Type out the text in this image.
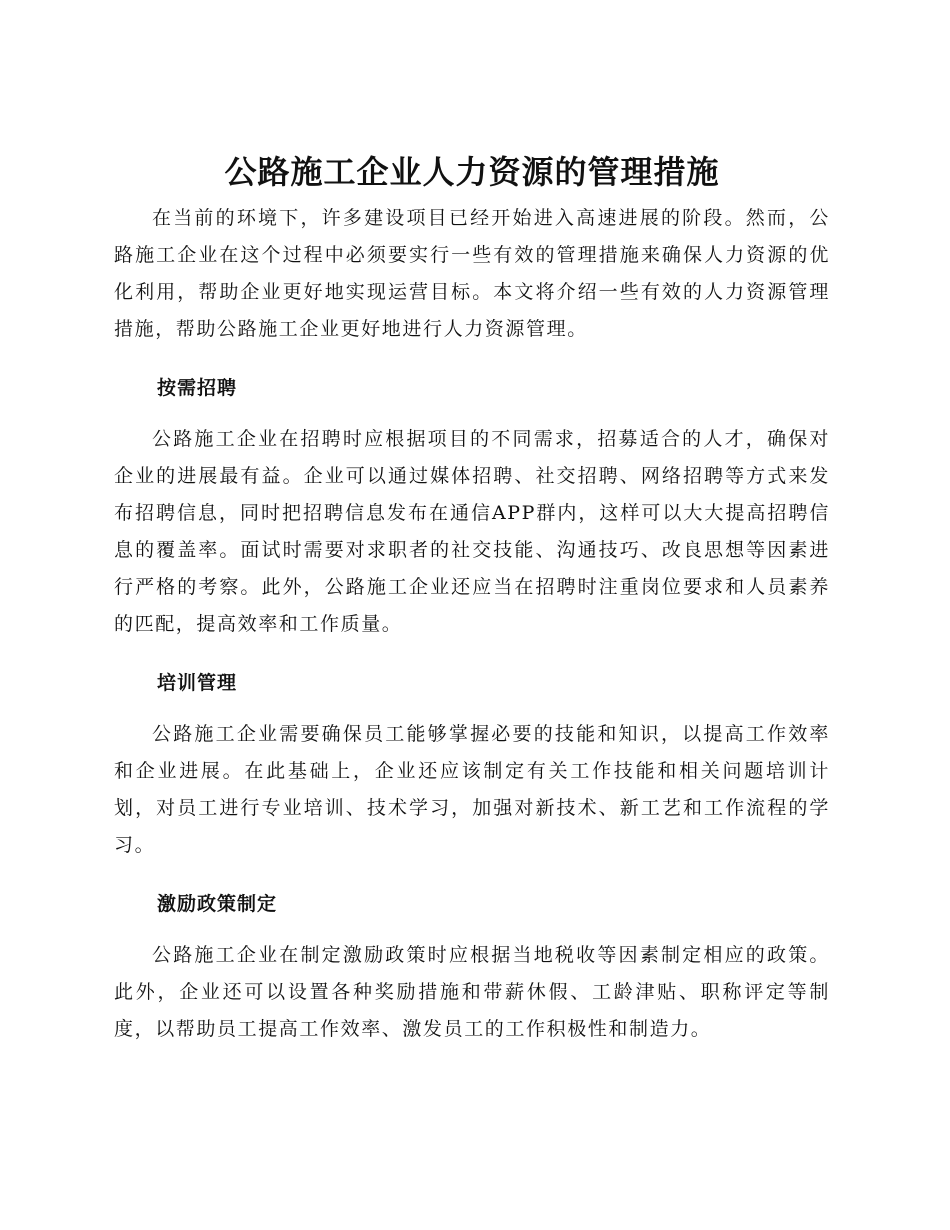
公路施工企业人力资源的管理措施

在当前的环境下，许多建设项目已经开始进入高速进展的阶段。然而，公路施工企业在这个过程中必须要实行一些有效的管理措施来确保人力资源的优化利用，帮助企业更好地实现运营目标。本文将介绍一些有效的人力资源管理措施，帮助公路施工企业更好地进行人力资源管理。

按需招聘

公路施工企业在招聘时应根据项目的不同需求，招募适合的人才，确保对企业的进展最有益。企业可以通过媒体招聘、社交招聘、网络招聘等方式来发布招聘信息，同时把招聘信息发布在通信APP群内，这样可以大大提高招聘信息的覆盖率。面试时需要对求职者的社交技能、沟通技巧、改良思想等因素进行严格的考察。此外，公路施工企业还应当在招聘时注重岗位要求和人员素养的匹配，提高效率和工作质量。

培训管理

公路施工企业需要确保员工能够掌握必要的技能和知识，以提高工作效率和企业进展。在此基础上，企业还应该制定有关工作技能和相关问题培训计划，对员工进行专业培训、技术学习，加强对新技术、新工艺和工作流程的学习。

激励政策制定

公路施工企业在制定激励政策时应根据当地税收等因素制定相应的政策。此外，企业还可以设置各种奖励措施和带薪休假、工龄津贴、职称评定等制度，以帮助员工提高工作效率、激发员工的工作积极性和制造力。
